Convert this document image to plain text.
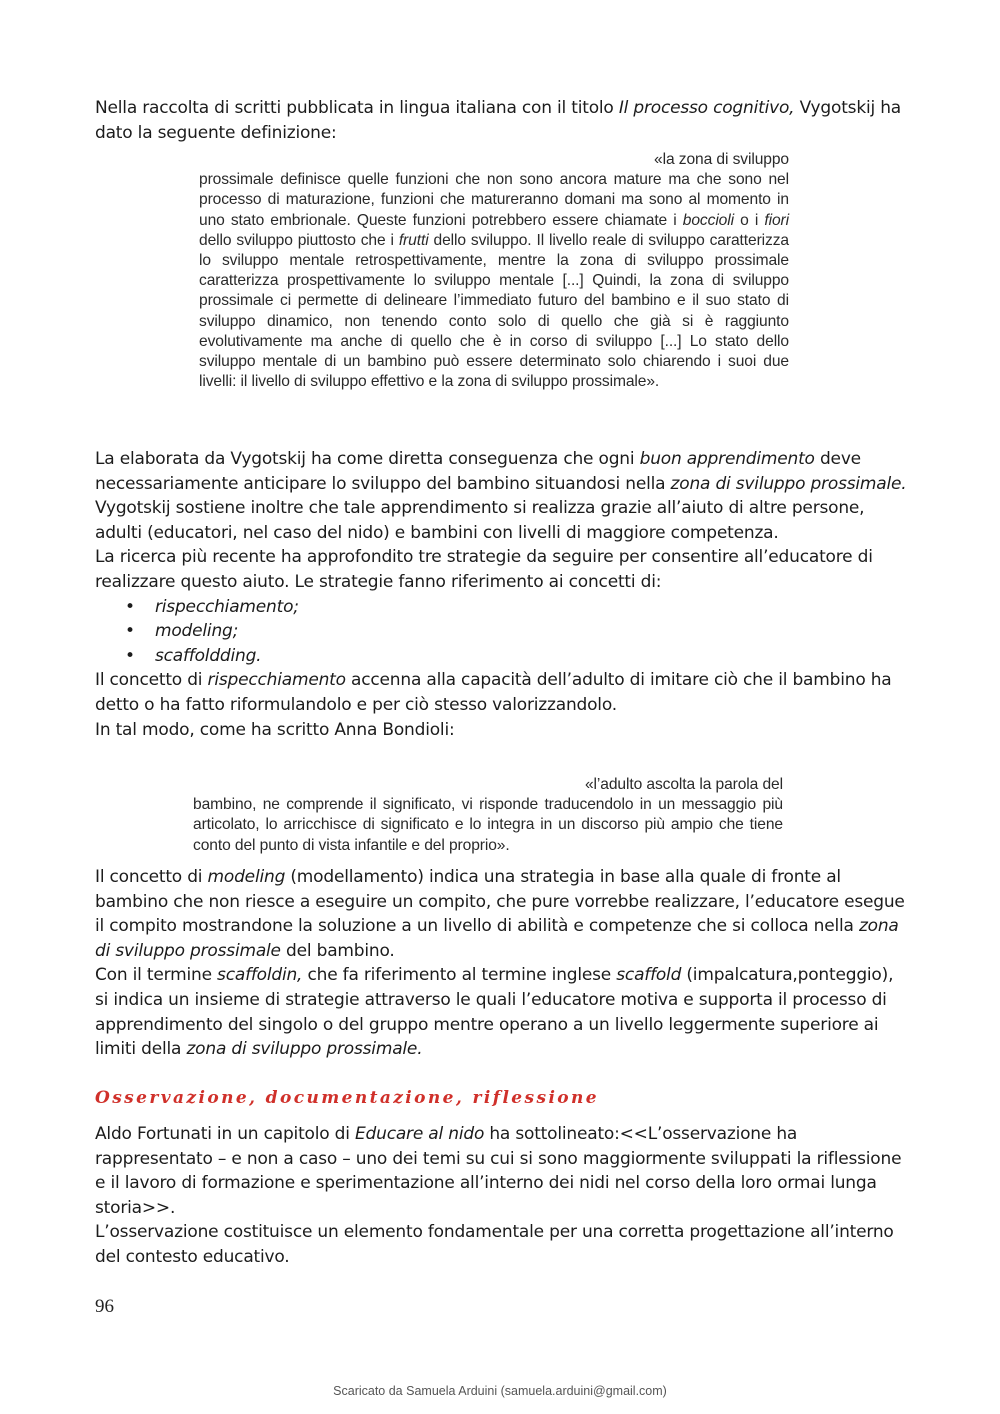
Nella raccolta di scritti pubblicata in lingua italiana con il titolo Il processo cognitivo, Vygotskij ha dato la seguente definizione:

«la zona di sviluppo
prossimale definisce quelle funzioni che non sono ancora mature ma che sono nel processo di maturazione, funzioni che matureranno domani ma sono al momento in uno stato embrionale. Queste funzioni potrebbero essere chiamate i boccioli o i fiori dello sviluppo piuttosto che i frutti dello sviluppo. Il livello reale di sviluppo caratterizza lo sviluppo mentale retrospettivamente, mentre la zona di sviluppo prossimale caratterizza prospettivamente lo sviluppo mentale [...] Quindi, la zona di sviluppo prossimale ci permette di delineare l’immediato futuro del bambino e il suo stato di sviluppo dinamico, non tenendo conto solo di quello che già si è raggiunto evolutivamente ma anche di quello che è in corso di sviluppo [...] Lo stato dello sviluppo mentale di un bambino può essere determinato solo chiarendo i suoi due livelli: il livello di sviluppo effettivo e la zona di sviluppo prossimale».

La elaborata da Vygotskij ha come diretta conseguenza che ogni buon apprendimento deve necessariamente anticipare lo sviluppo del bambino situandosi nella zona di sviluppo prossimale.

Vygotskij sostiene inoltre che tale apprendimento si realizza grazie all’aiuto di altre persone, adulti (educatori, nel caso del nido) e bambini con livelli di maggiore competenza.

La ricerca più recente ha approfondito tre strategie da seguire per consentire all’educatore di realizzare questo aiuto. Le strategie fanno riferimento ai concetti di:

• rispecchiamento;
• modeling;
• scaffoldding.

Il concetto di rispecchiamento accenna alla capacità dell’adulto di imitare ciò che il bambino ha detto o ha fatto riformulandolo e per ciò stesso valorizzandolo.

In tal modo, come ha scritto Anna Bondioli:

«l’adulto ascolta la parola del
bambino, ne comprende il significato, vi risponde traducendolo in un messaggio più articolato, lo arricchisce di significato e lo integra in un discorso più ampio che tiene conto del punto di vista infantile e del proprio».

Il concetto di modeling (modellamento) indica una strategia in base alla quale di fronte al bambino che non riesce a eseguire un compito, che pure vorrebbe realizzare, l’educatore esegue il compito mostrandone la soluzione a un livello di abilità e competenze che si colloca nella zona di sviluppo prossimale del bambino.

Con il termine scaffoldin, che fa riferimento al termine inglese scaffold (impalcatura,ponteggio), si indica un insieme di strategie attraverso le quali l’educatore motiva e supporta il processo di apprendimento del singolo o del gruppo mentre operano a un livello leggermente superiore ai limiti della zona di sviluppo prossimale.

Osservazione, documentazione, riflessione

Aldo Fortunati in un capitolo di Educare al nido ha sottolineato:<<L’osservazione ha rappresentato – e non a caso – uno dei temi su cui si sono maggiormente sviluppati la riflessione e il lavoro di formazione e sperimentazione all’interno dei nidi nel corso della loro ormai lunga storia>>.

L’osservazione costituisce un elemento fondamentale per una corretta progettazione all’interno del contesto educativo.

96
Scaricato da Samuela Arduini (samuela.arduini@gmail.com)
